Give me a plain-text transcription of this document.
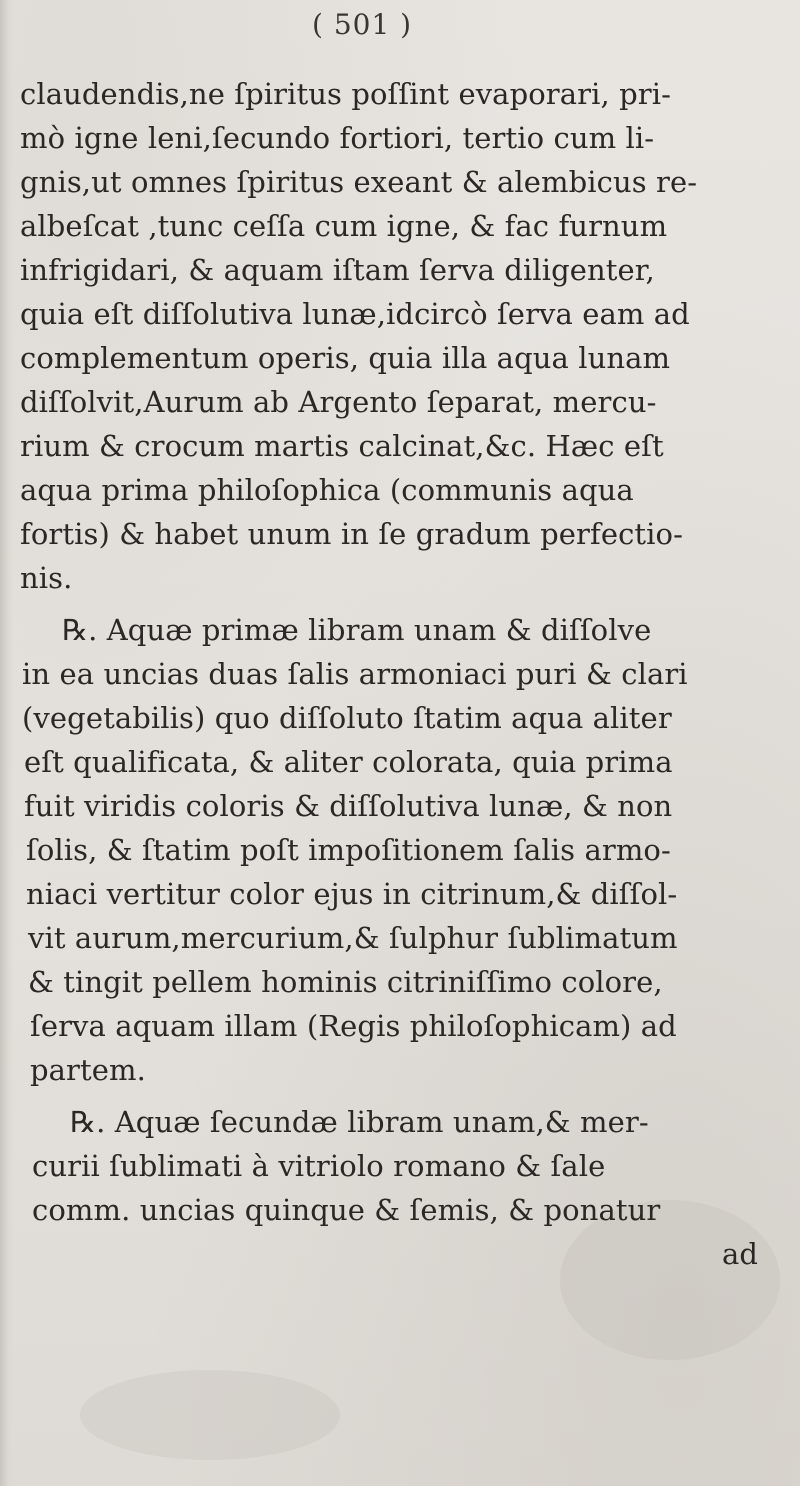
( 501 )
claudendis,ne ſpiritus poſſint evaporari, pri-
mò igne leni,ſecundo fortiori, tertio cum li-
gnis,ut omnes ſpiritus exeant & alembicus re-
albeſcat ,tunc ceſſa cum igne, & fac furnum
infrigidari, & aquam iſtam ſerva diligenter,
quia eſt diſſolutiva lunæ,idcircò ſerva eam ad
complementum operis, quia illa aqua lunam
diſſolvit,Aurum ab Argento ſeparat, mercu-
rium & crocum martis calcinat,&c. Hæc eſt
aqua prima philoſophica (communis aqua
fortis) & habet unum in ſe gradum perfectio-
nis.
℞. Aquæ primæ libram unam & diſſolve
in ea uncias duas ſalis armoniaci puri & clari
(vegetabilis) quo diſſoluto ſtatim aqua aliter
eſt qualificata, & aliter colorata, quia prima
fuit viridis coloris & diſſolutiva lunæ, & non
ſolis, & ſtatim poſt impoſitionem ſalis armo-
niaci vertitur color ejus in citrinum,& diſſol-
vit aurum,mercurium,& ſulphur ſublimatum
& tingit pellem hominis citriniſſimo colore,
ſerva aquam illam (Regis philoſophicam) ad
partem.
℞. Aquæ ſecundæ libram unam,& mer-
curii ſublimati à vitriolo romano & ſale
comm. uncias quinque & ſemis, & ponatur
ad
